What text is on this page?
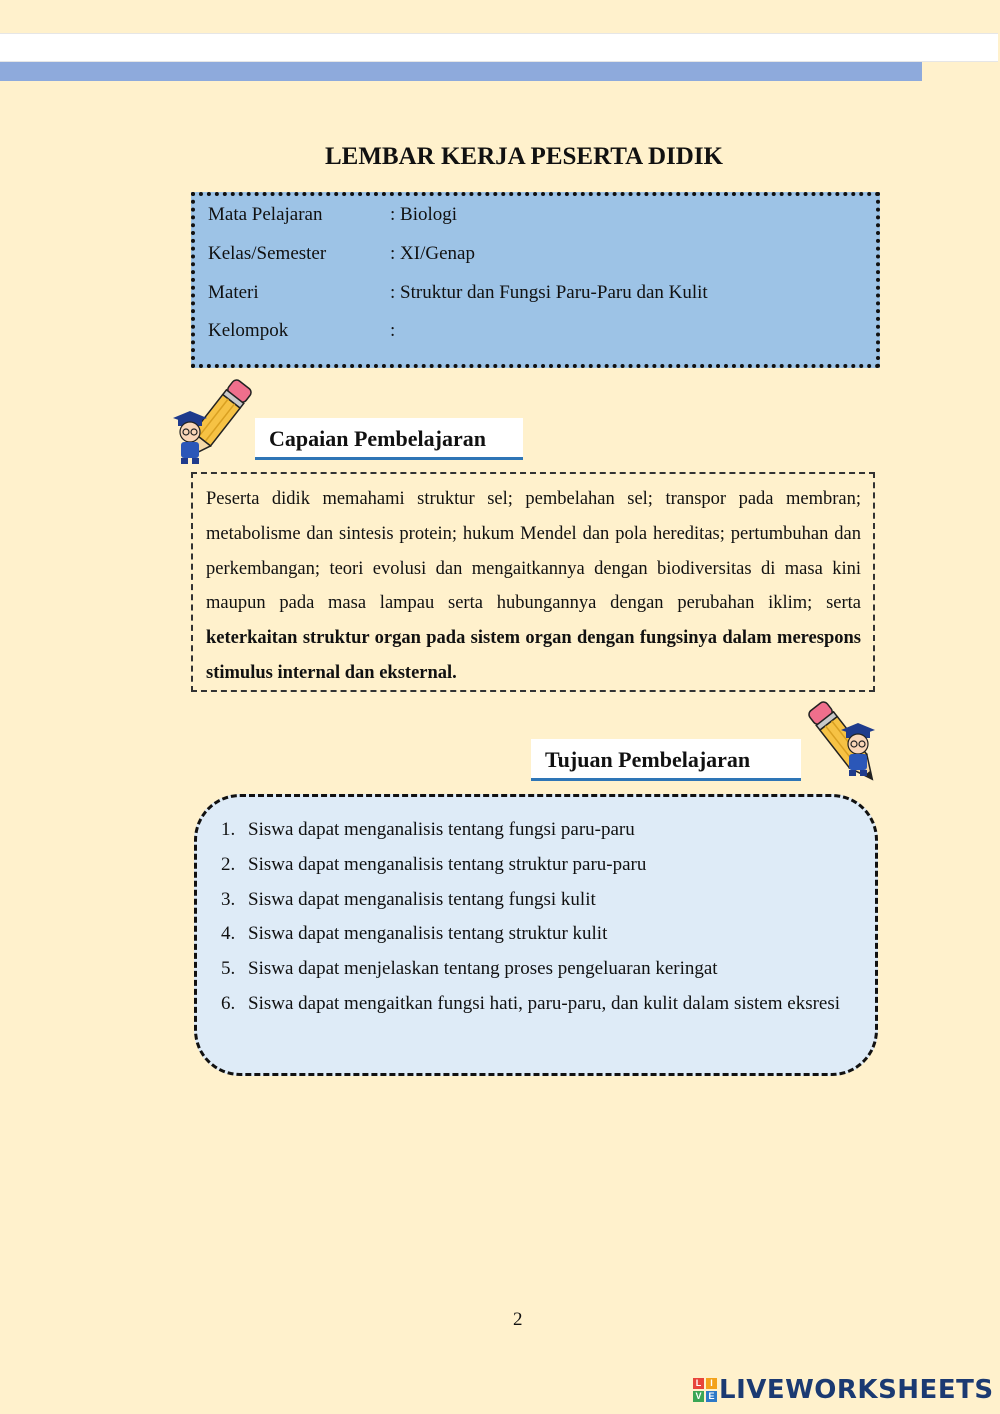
LEMBAR KERJA PESERTA DIDIK
Mata Pelajaran	: Biologi
Kelas/Semester	: XI/Genap
Materi	: Struktur dan Fungsi Paru-Paru dan Kulit
Kelompok	:
Capaian Pembelajaran
Peserta didik memahami struktur sel; pembelahan sel; transpor pada membran; metabolisme dan sintesis protein; hukum Mendel dan pola hereditas; pertumbuhan dan perkembangan; teori evolusi dan mengaitkannya dengan biodiversitas di masa kini maupun pada masa lampau serta hubungannya dengan perubahan iklim; serta keterkaitan struktur organ pada sistem organ dengan fungsinya dalam merespons stimulus internal dan eksternal.
Tujuan Pembelajaran
1. Siswa dapat menganalisis tentang fungsi paru-paru
2. Siswa dapat menganalisis tentang struktur paru-paru
3. Siswa dapat menganalisis tentang fungsi kulit
4. Siswa dapat menganalisis tentang struktur kulit
5. Siswa dapat menjelaskan tentang proses pengeluaran keringat
6. Siswa dapat mengaitkan fungsi hati, paru-paru, dan kulit dalam sistem eksresi
2
L I
V E LIVEWORKSHEETS
